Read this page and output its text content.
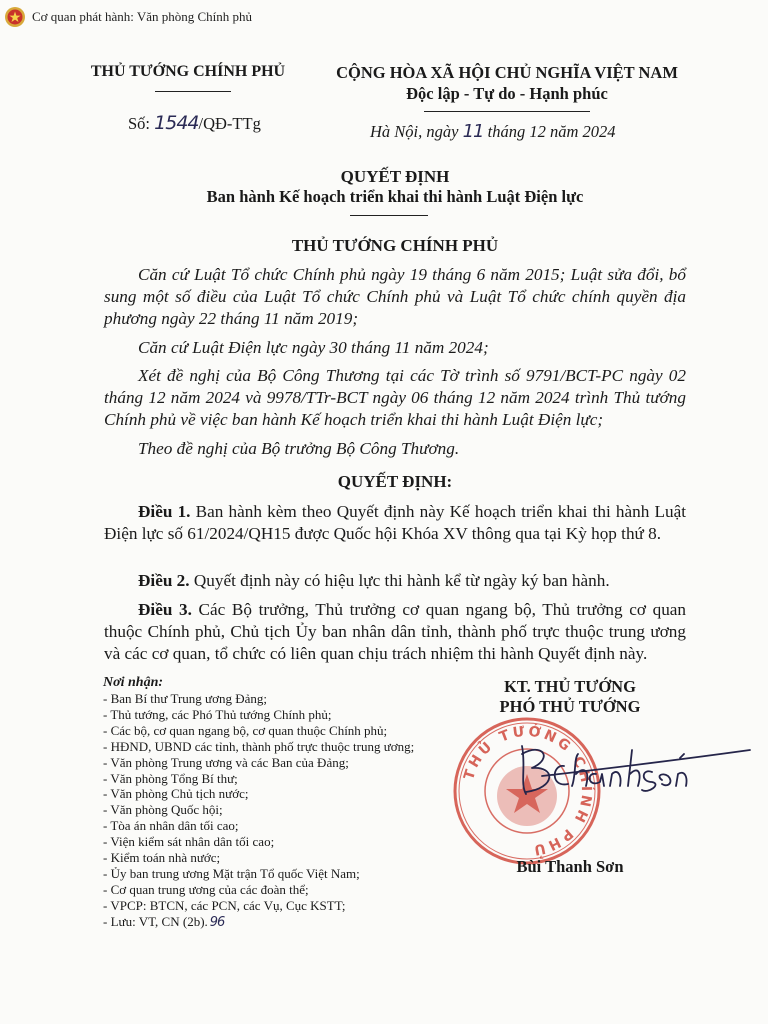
Cơ quan phát hành: Văn phòng Chính phủ
THỦ TƯỚNG CHÍNH PHỦ
Số: 1544/QĐ-TTg
CỘNG HÒA XÃ HỘI CHỦ NGHĨA VIỆT NAM
Độc lập - Tự do - Hạnh phúc
Hà Nội, ngày 11 tháng 12 năm 2024
QUYẾT ĐỊNH
Ban hành Kế hoạch triển khai thi hành Luật Điện lực
THỦ TƯỚNG CHÍNH PHỦ
Căn cứ Luật Tổ chức Chính phủ ngày 19 tháng 6 năm 2015; Luật sửa đổi, bổ sung một số điều của Luật Tổ chức Chính phủ và Luật Tổ chức chính quyền địa phương ngày 22 tháng 11 năm 2019;
Căn cứ Luật Điện lực ngày 30 tháng 11 năm 2024;
Xét đề nghị của Bộ Công Thương tại các Tờ trình số 9791/BCT-PC ngày 02 tháng 12 năm 2024 và 9978/TTr-BCT ngày 06 tháng 12 năm 2024 trình Thủ tướng Chính phủ về việc ban hành Kế hoạch triển khai thi hành Luật Điện lực;
Theo đề nghị của Bộ trưởng Bộ Công Thương.
QUYẾT ĐỊNH:
Điều 1. Ban hành kèm theo Quyết định này Kế hoạch triển khai thi hành Luật Điện lực số 61/2024/QH15 được Quốc hội Khóa XV thông qua tại Kỳ họp thứ 8.
Điều 2. Quyết định này có hiệu lực thi hành kể từ ngày ký ban hành.
Điều 3. Các Bộ trưởng, Thủ trưởng cơ quan ngang bộ, Thủ trưởng cơ quan thuộc Chính phủ, Chủ tịch Ủy ban nhân dân tỉnh, thành phố trực thuộc trung ương và các cơ quan, tổ chức có liên quan chịu trách nhiệm thi hành Quyết định này.
Nơi nhận:
- Ban Bí thư Trung ương Đảng;
- Thủ tướng, các Phó Thủ tướng Chính phủ;
- Các bộ, cơ quan ngang bộ, cơ quan thuộc Chính phủ;
- HĐND, UBND các tỉnh, thành phố trực thuộc trung ương;
- Văn phòng Trung ương và các Ban của Đảng;
- Văn phòng Tổng Bí thư;
- Văn phòng Chủ tịch nước;
- Văn phòng Quốc hội;
- Tòa án nhân dân tối cao;
- Viện kiểm sát nhân dân tối cao;
- Kiểm toán nhà nước;
- Ủy ban trung ương Mặt trận Tổ quốc Việt Nam;
- Cơ quan trung ương của các đoàn thể;
- VPCP: BTCN, các PCN, các Vụ, Cục KSTT;
- Lưu: VT, CN (2b). 96
KT. THỦ TƯỚNG
PHÓ THỦ TƯỚNG
THỦ TƯỚNG CHÍNH PHỦ
Bùi Thanh Sơn
